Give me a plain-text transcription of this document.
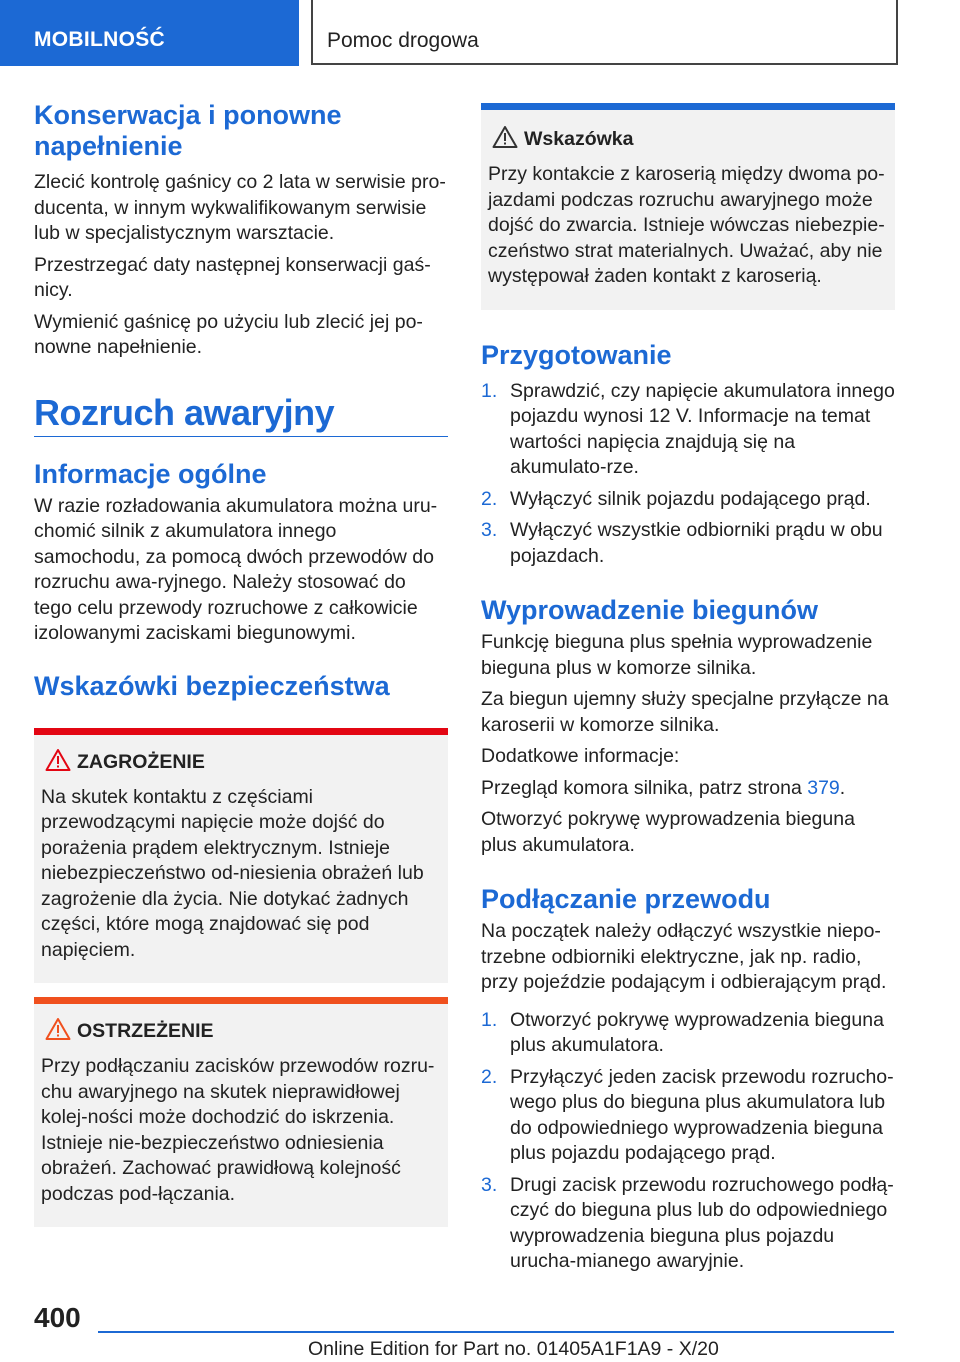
MOBILNOŚĆ	Pomoc drogowa
Konserwacja i ponowne napełnienie

Zlecić kontrolę gaśnicy co 2 lata w serwisie pro-ducenta, w innym wykwalifikowanym serwisie lub w specjalistycznym warsztacie.

Przestrzegać daty następnej konserwacji gaś-nicy.

Wymienić gaśnicę po użyciu lub zlecić jej po-nowne napełnienie.

Rozruch awaryjny
Informacje ogólne

W razie rozładowania akumulatora można uru-chomić silnik z akumulatora innego samochodu, za pomocą dwóch przewodów do rozruchu awa-ryjnego. Należy stosować do tego celu przewody rozruchowe z całkowicie izolowanymi zaciskami biegunowymi.

Wskazówki bezpieczeństwa
ZAGROŻENIE

Na skutek kontaktu z częściami przewodzącymi napięcie może dojść do porażenia prądem elektrycznym. Istnieje niebezpieczeństwo od-niesienia obrażeń lub zagrożenie dla życia. Nie dotykać żadnych części, które mogą znajdować się pod napięciem.

OSTRZEŻENIE

Przy podłączaniu zacisków przewodów rozru-chu awaryjnego na skutek nieprawidłowej kolej-ności może dochodzić do iskrzenia. Istnieje nie-bezpieczeństwo odniesienia obrażeń. Zachować prawidłową kolejność podczas pod-łączania.

Wskazówka

Przy kontakcie z karoserią między dwoma po-jazdami podczas rozruchu awaryjnego może dojść do zwarcia. Istnieje wówczas niebezpie-czeństwo strat materialnych. Uważać, aby nie występował żaden kontakt z karoserią.

Przygotowanie
1. Sprawdzić, czy napięcie akumulatora innego pojazdu wynosi 12 V. Informacje na temat wartości napięcia znajdują się na akumulato-rze.
2. Wyłączyć silnik pojazdu podającego prąd.
3. Wyłączyć wszystkie odbiorniki prądu w obu pojazdach.
Wyprowadzenie biegunów

Funkcję bieguna plus spełnia wyprowadzenie bieguna plus w komorze silnika.

Za biegun ujemny służy specjalne przyłącze na karoserii w komorze silnika.

Dodatkowe informacje:

Przegląd komora silnika, patrz strona 379.

Otworzyć pokrywę wyprowadzenia bieguna plus akumulatora.

Podłączanie przewodu

Na początek należy odłączyć wszystkie niepo-trzebne odbiorniki elektryczne, jak np. radio, przy pojeździe podającym i odbierającym prąd.

1. Otworzyć pokrywę wyprowadzenia bieguna plus akumulatora.
2. Przyłączyć jeden zacisk przewodu rozrucho-wego plus do bieguna plus akumulatora lub do odpowiedniego wyprowadzenia bieguna plus pojazdu podającego prąd.
3. Drugi zacisk przewodu rozruchowego podłą-czyć do bieguna plus lub do odpowiedniego wyprowadzenia bieguna plus pojazdu urucha-mianego awaryjnie.
400
Online Edition for Part no. 01405A1F1A9 - X/20
